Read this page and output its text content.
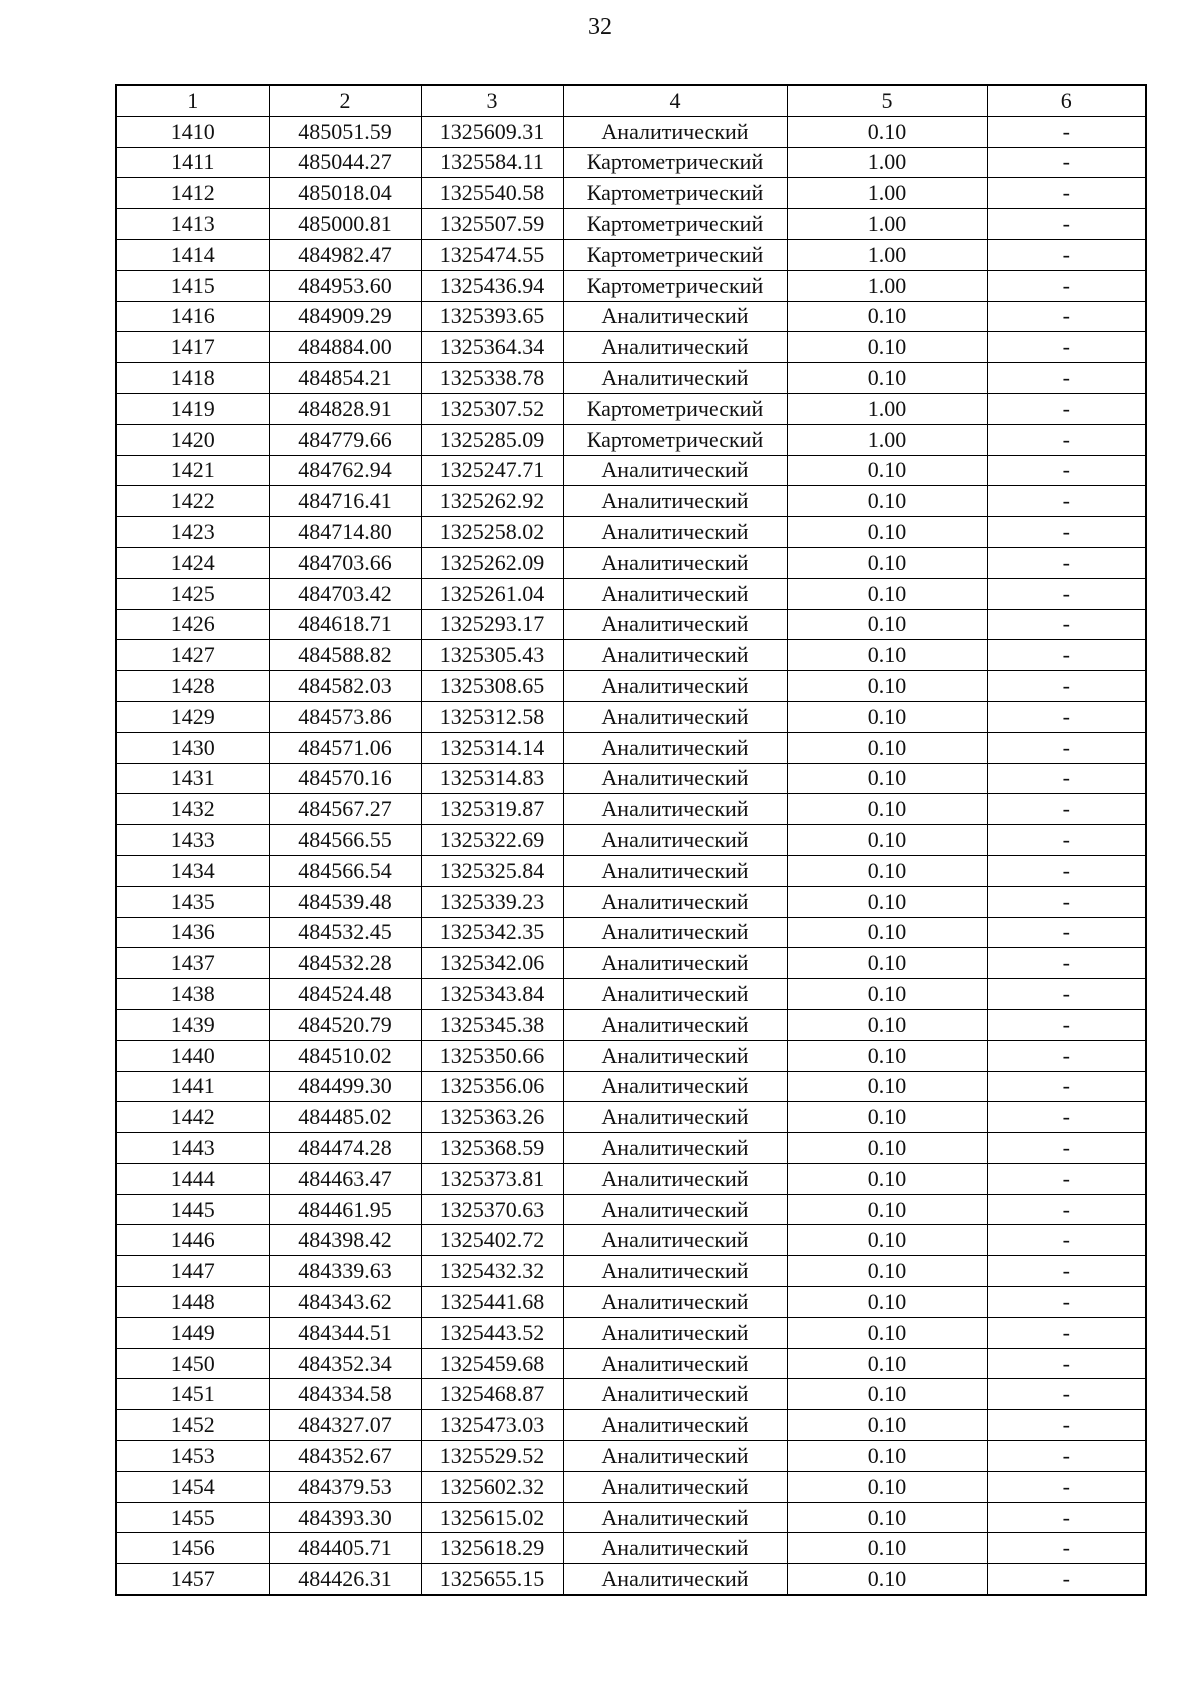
32
1	2	3	4	5	6
1410	485051.59	1325609.31	Аналитический	0.10	-
1411	485044.27	1325584.11	Картометрический	1.00	-
1412	485018.04	1325540.58	Картометрический	1.00	-
1413	485000.81	1325507.59	Картометрический	1.00	-
1414	484982.47	1325474.55	Картометрический	1.00	-
1415	484953.60	1325436.94	Картометрический	1.00	-
1416	484909.29	1325393.65	Аналитический	0.10	-
1417	484884.00	1325364.34	Аналитический	0.10	-
1418	484854.21	1325338.78	Аналитический	0.10	-
1419	484828.91	1325307.52	Картометрический	1.00	-
1420	484779.66	1325285.09	Картометрический	1.00	-
1421	484762.94	1325247.71	Аналитический	0.10	-
1422	484716.41	1325262.92	Аналитический	0.10	-
1423	484714.80	1325258.02	Аналитический	0.10	-
1424	484703.66	1325262.09	Аналитический	0.10	-
1425	484703.42	1325261.04	Аналитический	0.10	-
1426	484618.71	1325293.17	Аналитический	0.10	-
1427	484588.82	1325305.43	Аналитический	0.10	-
1428	484582.03	1325308.65	Аналитический	0.10	-
1429	484573.86	1325312.58	Аналитический	0.10	-
1430	484571.06	1325314.14	Аналитический	0.10	-
1431	484570.16	1325314.83	Аналитический	0.10	-
1432	484567.27	1325319.87	Аналитический	0.10	-
1433	484566.55	1325322.69	Аналитический	0.10	-
1434	484566.54	1325325.84	Аналитический	0.10	-
1435	484539.48	1325339.23	Аналитический	0.10	-
1436	484532.45	1325342.35	Аналитический	0.10	-
1437	484532.28	1325342.06	Аналитический	0.10	-
1438	484524.48	1325343.84	Аналитический	0.10	-
1439	484520.79	1325345.38	Аналитический	0.10	-
1440	484510.02	1325350.66	Аналитический	0.10	-
1441	484499.30	1325356.06	Аналитический	0.10	-
1442	484485.02	1325363.26	Аналитический	0.10	-
1443	484474.28	1325368.59	Аналитический	0.10	-
1444	484463.47	1325373.81	Аналитический	0.10	-
1445	484461.95	1325370.63	Аналитический	0.10	-
1446	484398.42	1325402.72	Аналитический	0.10	-
1447	484339.63	1325432.32	Аналитический	0.10	-
1448	484343.62	1325441.68	Аналитический	0.10	-
1449	484344.51	1325443.52	Аналитический	0.10	-
1450	484352.34	1325459.68	Аналитический	0.10	-
1451	484334.58	1325468.87	Аналитический	0.10	-
1452	484327.07	1325473.03	Аналитический	0.10	-
1453	484352.67	1325529.52	Аналитический	0.10	-
1454	484379.53	1325602.32	Аналитический	0.10	-
1455	484393.30	1325615.02	Аналитический	0.10	-
1456	484405.71	1325618.29	Аналитический	0.10	-
1457	484426.31	1325655.15	Аналитический	0.10	-
